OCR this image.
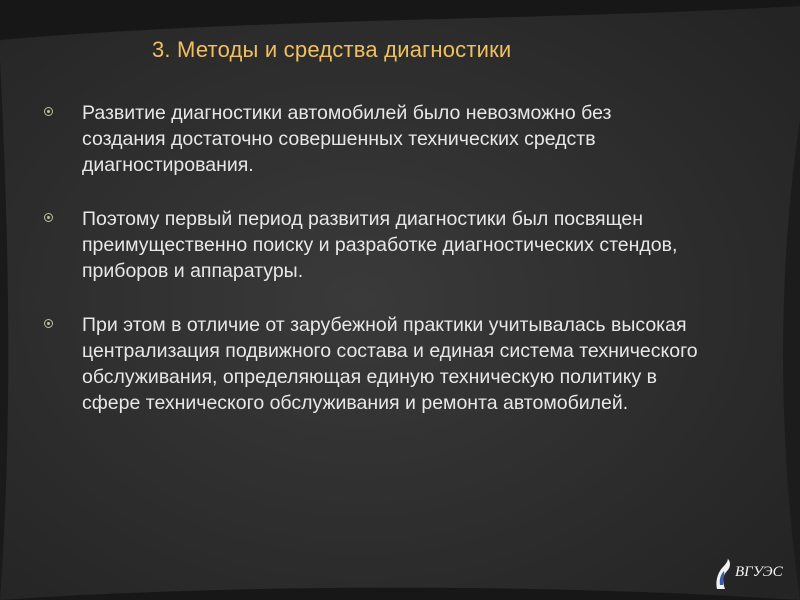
3. Методы и средства диагностики

Развитие диагностики автомобилей было невозможно без создания достаточно совершенных технических средств диагностирования.

Поэтому первый период развития диагностики был посвящен преимущественно поиску и разработке диагностических стендов, приборов и аппаратуры.

При этом в отличие от зарубежной практики учитывалась высокая централизация подвижного состава и единая система технического обслуживания, определяющая единую техническую политику в сфере технического обслуживания и ремонта автомобилей.

ВГУЭС
